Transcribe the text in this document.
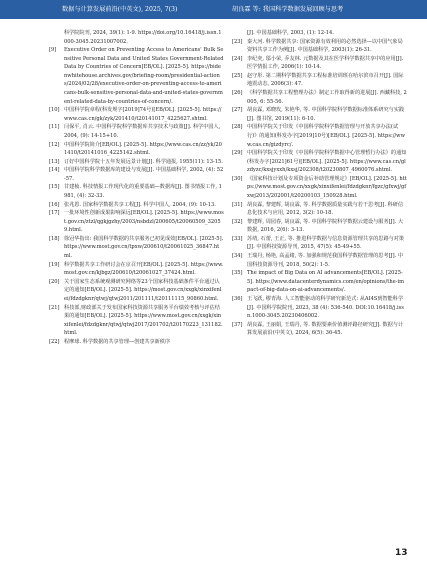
数据与计算发展前沿(中英文), 2025, 7(3)	胡良霖 等: 我国科学数据发展回顾与思考
科学院院刊, 2024, 39(1): 1-9. https://doi.org/10.16418/j.issn.1000-3045.20231007002.
[9] Executive Order on Preventing Access to Americans' Bulk Sensitive Personal Data and United States Government-Related Data by Countries of Concern[EB/OL]. [2025-5]. https://bidenwhitehouse.archives.gov/briefing-room/presidential-actions/2024/02/28/executive-order-on-preventing-access-to-americans-bulk-sensitive-personal-data-and-united-states-government-related-data-by-countries-of-concern/.
[10] 中国科学院章程(科发规字[2019]74号)[EB/OL]. [2025-5]. https://www.cas.cn/gk/zyk/201410/t20141017_4225627.shtml.
[11] 闫保平, 肖云. 中国科学院科学数据库共享技术与政策[J]. 科学中国人, 2004, (9): 14-15+10.
[12] 中国科学院简介[EB/OL]. [2025-5]. https://www.cas.cn/zz/yk/201410/t20141016_4225142.shtml.
[13] 订好中国科学院十五年发展远景计划[J]. 科学通报, 1955(11): 13-15.
[14] 中国科学院科学数据库的建设与发展[J]. 中国基础科学, 2002, (4): 52-57.
[15] 甘建桢. 科技情报工作现代化的重要基础—数据库[J]. 图书情报工作, 1981, (4): 32-33.
[16] 张兆恩. 国家科学数据共享工程[J]. 科学中国人, 2004, (9): 10-13.
[17] 一批环境性创新成果影响深远[EB/OL]. [2025-5]. https://www.most.gov.cn/ztzl/qgkjgzhy/2003/nsbdzl/200605/t20060509_32059.html.
[18] 徐冠华指出: 我国科学数据的共享服务已初见成效[EB/OL]. [2025-5]. https://www.most.gov.cn/tpxw/200610/t20061025_36847.html.
[19] 科学数据共享工作研讨会在京召开[EB/OL]. [2025-5]. https://www.most.gov.cn/kjbgz/200610/t20061027_37424.html.
[20] 关于国家生态系统观测研究网络等23个国家科技基础条件平台通过认定的通知[EB/OL]. [2025-5]. https://most.gov.cn/xxgk/xinxifenlei/fdzdgknr/qtwj/qtwj2011/201111/t20111115_90860.html.
[21] 科技部,财政部关于发布国家科技资源共享服务平台绩效考核与评估结果的通知[EB/OL]. [2025-5]. https://www.most.gov.cn/xxgk/xinxifenlei/fdzdgknr/qtwj/qtwj2017/201702/t20170223_131182.html.
[22] 程摩球. 科学数据的共享管理—创建共享新秩序
[J]. 中国基础科学, 2003, (1): 12-14.
[23] 秦大河. 科学数据共享: 国家资源有效利用的必然选择—以中国气象局资料共享工作为例[J]. 中国基础科学, 2003(1): 26-31.
[24] 李纪奕, 邬小荣, 乔友林. 元数据及其在医学科学数据共享中的应用[J]. 医学情报工作, 2006(1): 10-14.
[25] 赵守彤. 第二期科学数据共享工程标准培训班在哈尔滨市召开[J]. 国际地震动态, 2006(3): 47.
[26] 《科学数据共享工程整理办法》制定工作取得新的进展[J]. 西藏科技, 2005, 6: 55-56.
[27] 胡良霖, 邓晓玫, 朱艳华, 等. 中国科学院科学数据标准体系研究与实践[J]. 图书馆, 2019(11): 6-10.
[28] 中国科学院关于印发《中国科学院科学数据管理与开放共享办法(试行)》的通知(科发办字[2019]10号)[EB/OL]. [2025-5]. https://www.cas.cn/gizdyrc/.
[29] 中国科学院关于印发《中国科学院科学数据中心管理暂行办法》的通知(科发办字[2021]61号)[EB/OL]. [2025-5]. https://www.cas.cn/glzdyzc/kxsjyxxh/kxsj/202308/t20230807_4960076.shtml.
[30] 《国家科技计划及专项资金后补助管理规定》[EB/OL]. [2025-5]. https://www.most.gov.cn/xxgk/xinxifenlei/fdzdgknr/fgzc/gfxwj/gfxwj2013/202001/t20200103_150928.html.
[31] 胡良霖, 黎建辉, 胡良霖, 等. 科学数据质量实践与若干思考[J]. 科研信息化技术与应用, 2012, 3(2): 10-18.
[32] 黎建辉, 周园春, 胡良霖, 等. 中国科学院科学数据云建设与服务[J]. 大数据, 2016, 2(6): 3-13.
[33] 苏靖, 石蕾, 王正, 等. 推进科学数据与信息资源管理共享的思路与对策[J]. 中国科技资源导刊, 2015, 47(5): 45-49+55.
[34] 王瑞丹, 杨艳, 高孟绪, 等. 加强和规范我国科学数据管理的思考[J]. 中国科技资源导刊, 2018, 50(2): 1-5.
[35] The impact of Big Data on AI advancements[EB/OL]. [2025-5]. https://www.datacenterdynamics.com/en/opinions/the-impact-of-big-data-on-ai-advancements/.
[36] 王飞跃, 缪青海. 人工智能驱动的科学研究新范式: 从AI4S到智能科学[J]. 中国科学院院刊, 2023, 38 (4): 536-540. DOI:10.16418/j.issn.1000-3045.20230406002.
[37] 胡良霖, 王丽娟, 王瑞丹, 等. 数据要素价值测评路径研究[J]. 数据与计算发展前沿(中英文), 2024, 6(5): 36-45.
13
